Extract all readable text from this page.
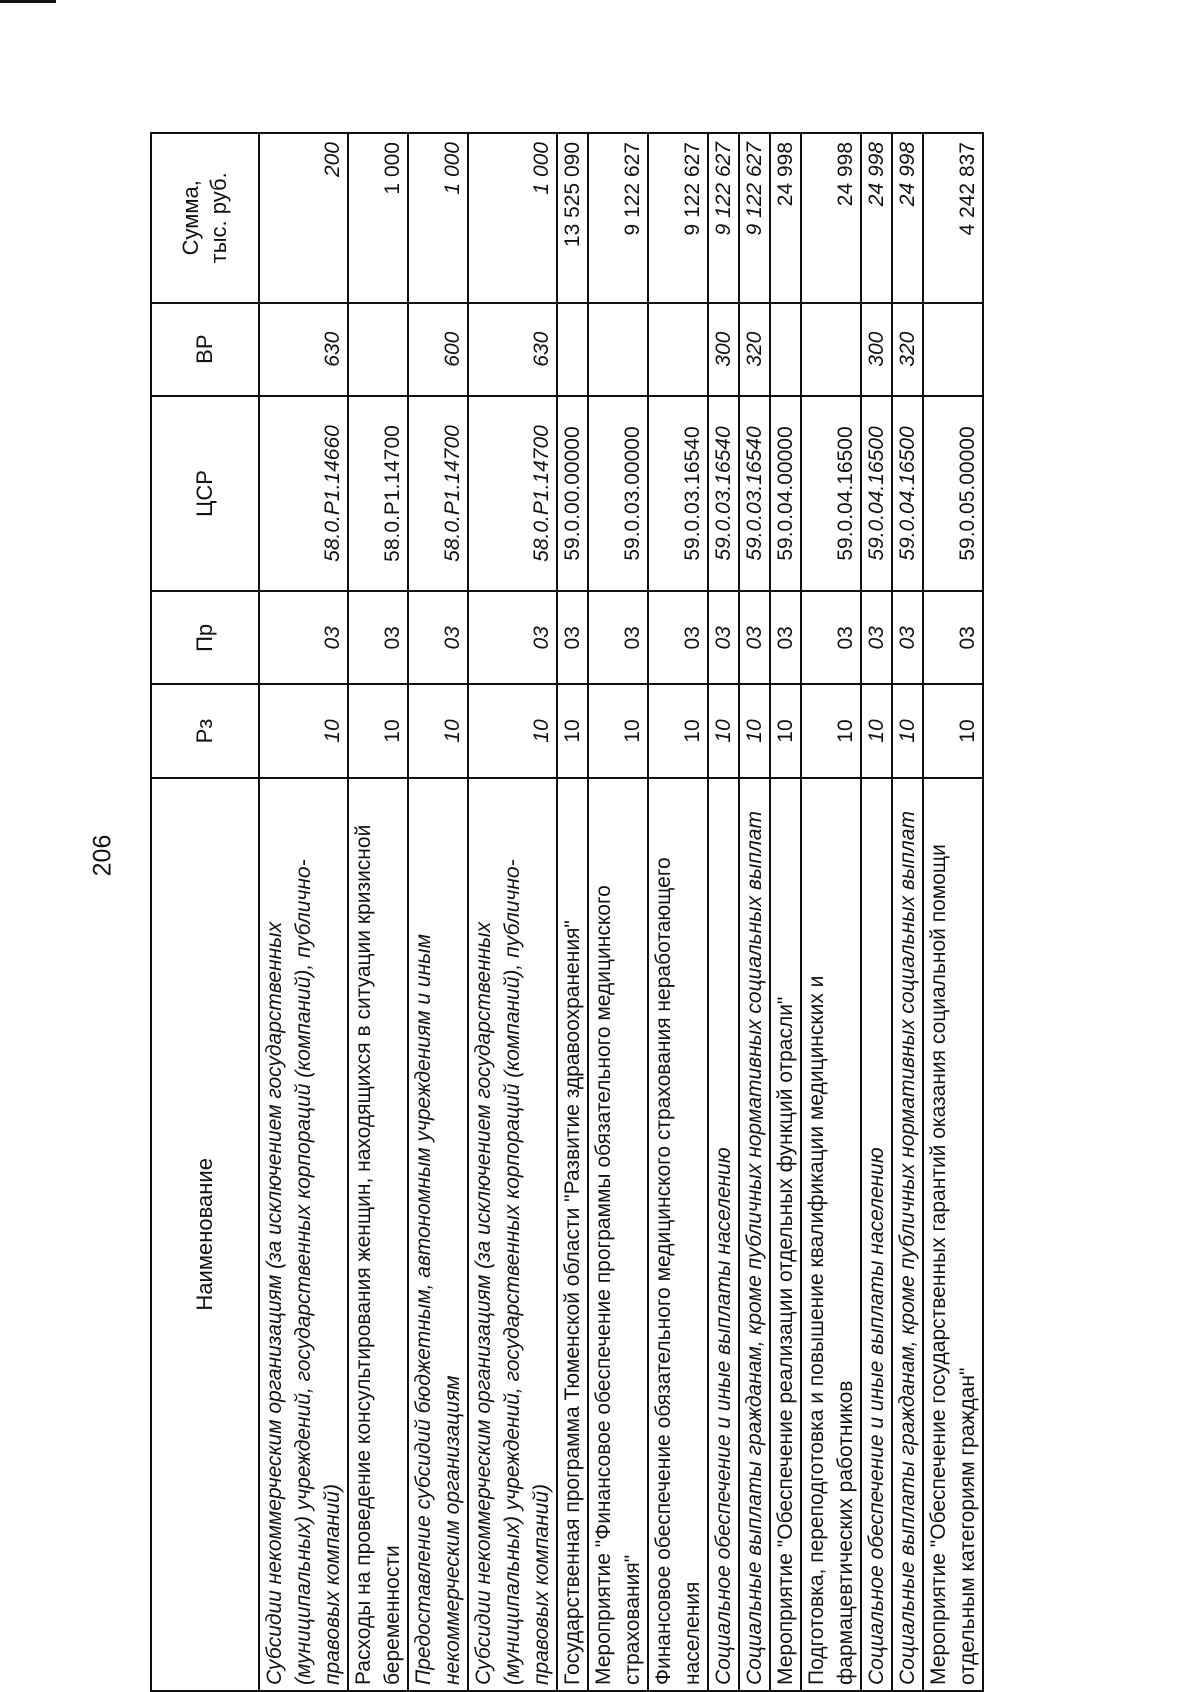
206
Наименование	Рз	Пр	ЦСР	ВР	Сумма,
тыс. руб.
Субсидии некоммерческим организациям (за исключением государственных (муниципальных) учреждений, государственных корпораций (компаний), публично-правовых компаний)	10	03	58.0.P1.14660	630	200
Расходы на проведение консультирования женщин, находящихся в ситуации кризисной беременности	10	03	58.0.P1.14700		1 000
Предоставление субсидий бюджетным, автономным учреждениям и иным некоммерческим организациям	10	03	58.0.P1.14700	600	1 000
Субсидии некоммерческим организациям (за исключением государственных (муниципальных) учреждений, государственных корпораций (компаний), публично-правовых компаний)	10	03	58.0.P1.14700	630	1 000
Государственная программа Тюменской области "Развитие здравоохранения"	10	03	59.0.00.00000		13 525 090
Мероприятие "Финансовое обеспечение программы обязательного медицинского страхования"	10	03	59.0.03.00000		9 122 627
Финансовое обеспечение обязательного медицинского страхования неработающего населения	10	03	59.0.03.16540		9 122 627
Социальное обеспечение и иные выплаты населению	10	03	59.0.03.16540	300	9 122 627
Социальные выплаты гражданам, кроме публичных нормативных социальных выплат	10	03	59.0.03.16540	320	9 122 627
Мероприятие "Обеспечение реализации отдельных функций отрасли"	10	03	59.0.04.00000		24 998
Подготовка, переподготовка и повышение квалификации медицинских и фармацевтических работников	10	03	59.0.04.16500		24 998
Социальное обеспечение и иные выплаты населению	10	03	59.0.04.16500	300	24 998
Социальные выплаты гражданам, кроме публичных нормативных социальных выплат	10	03	59.0.04.16500	320	24 998
Мероприятие "Обеспечение государственных гарантий оказания социальной помощи отдельным категориям граждан"	10	03	59.0.05.00000		4 242 837
